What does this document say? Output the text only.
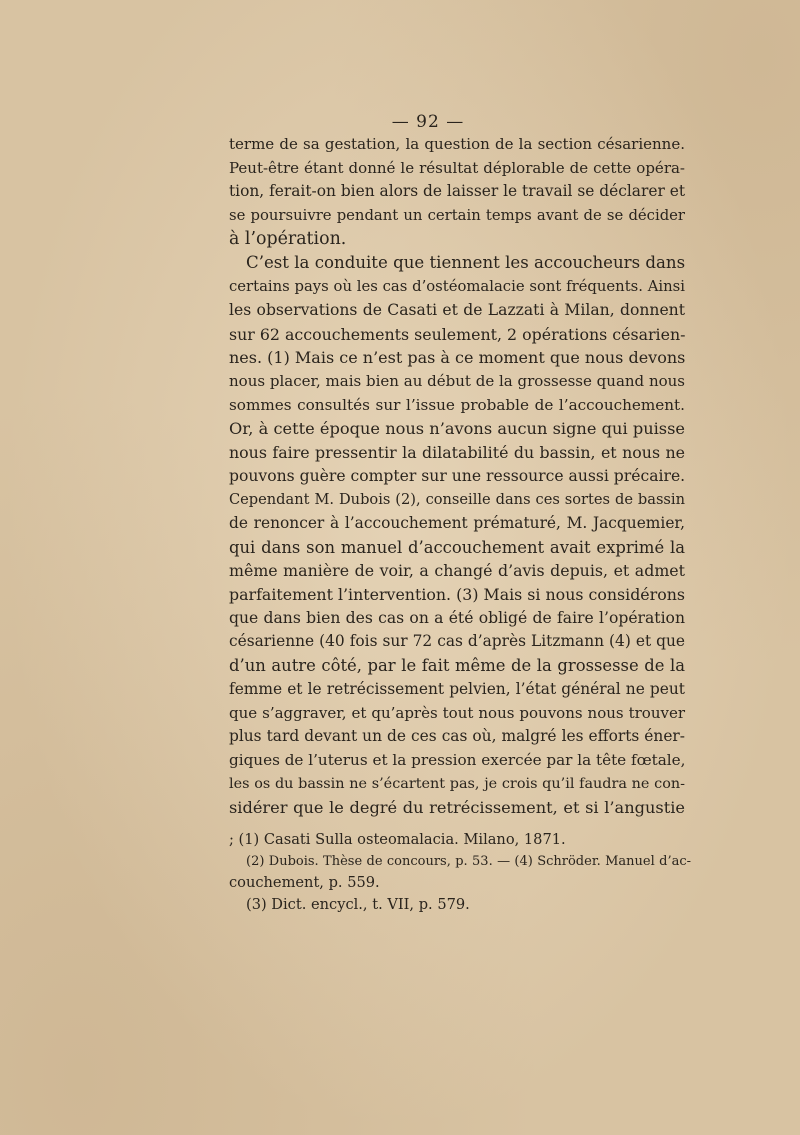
— 92 —
terme de sa gestation, la question de la section césarienne.
Peut-être étant donné le résultat déplorable de cette opéra-
tion, ferait-on bien alors de laisser le travail se déclarer et
se poursuivre pendant un certain temps avant de se décider
à l’opération.
C’est la conduite que tiennent les accoucheurs dans
certains pays où les cas d’ostéomalacie sont fréquents. Ainsi
les observations de Casati et de Lazzati à Milan, donnent
sur 62 accouchements seulement, 2 opérations césarien-
nes. (1) Mais ce n’est pas à ce moment que nous devons
nous placer, mais bien au début de la grossesse quand nous
sommes consultés sur l’issue probable de l’accouchement.
Or, à cette époque nous n’avons aucun signe qui puisse
nous faire pressentir la dilatabilité du bassin, et nous ne
pouvons guère compter sur une ressource aussi précaire.
Cependant M. Dubois (2), conseille dans ces sortes de bassin
de renoncer à l’accouchement prématuré, M. Jacquemier,
qui dans son manuel d’accouchement avait exprimé la
même manière de voir, a changé d’avis depuis, et admet
parfaitement l’intervention. (3) Mais si nous considérons
que dans bien des cas on a été obligé de faire l’opération
césarienne (40 fois sur 72 cas d’après Litzmann (4) et que
d’un autre côté, par le fait même de la grossesse de la
femme et le retrécissement pelvien, l’état général ne peut
que s’aggraver, et qu’après tout nous pouvons nous trouver
plus tard devant un de ces cas où, malgré les efforts éner-
giques de l’uterus et la pression exercée par la tête fœtale,
les os du bassin ne s’écartent pas, je crois qu’il faudra ne con-
sidérer que le degré du retrécissement, et si l’angustie
; (1) Casati Sulla osteomalacia. Milano, 1871.
(2) Dubois. Thèse de concours, p. 53. — (4) Schröder. Manuel d’ac-
couchement, p. 559.
(3) Dict. encycl., t. VII, p. 579.
